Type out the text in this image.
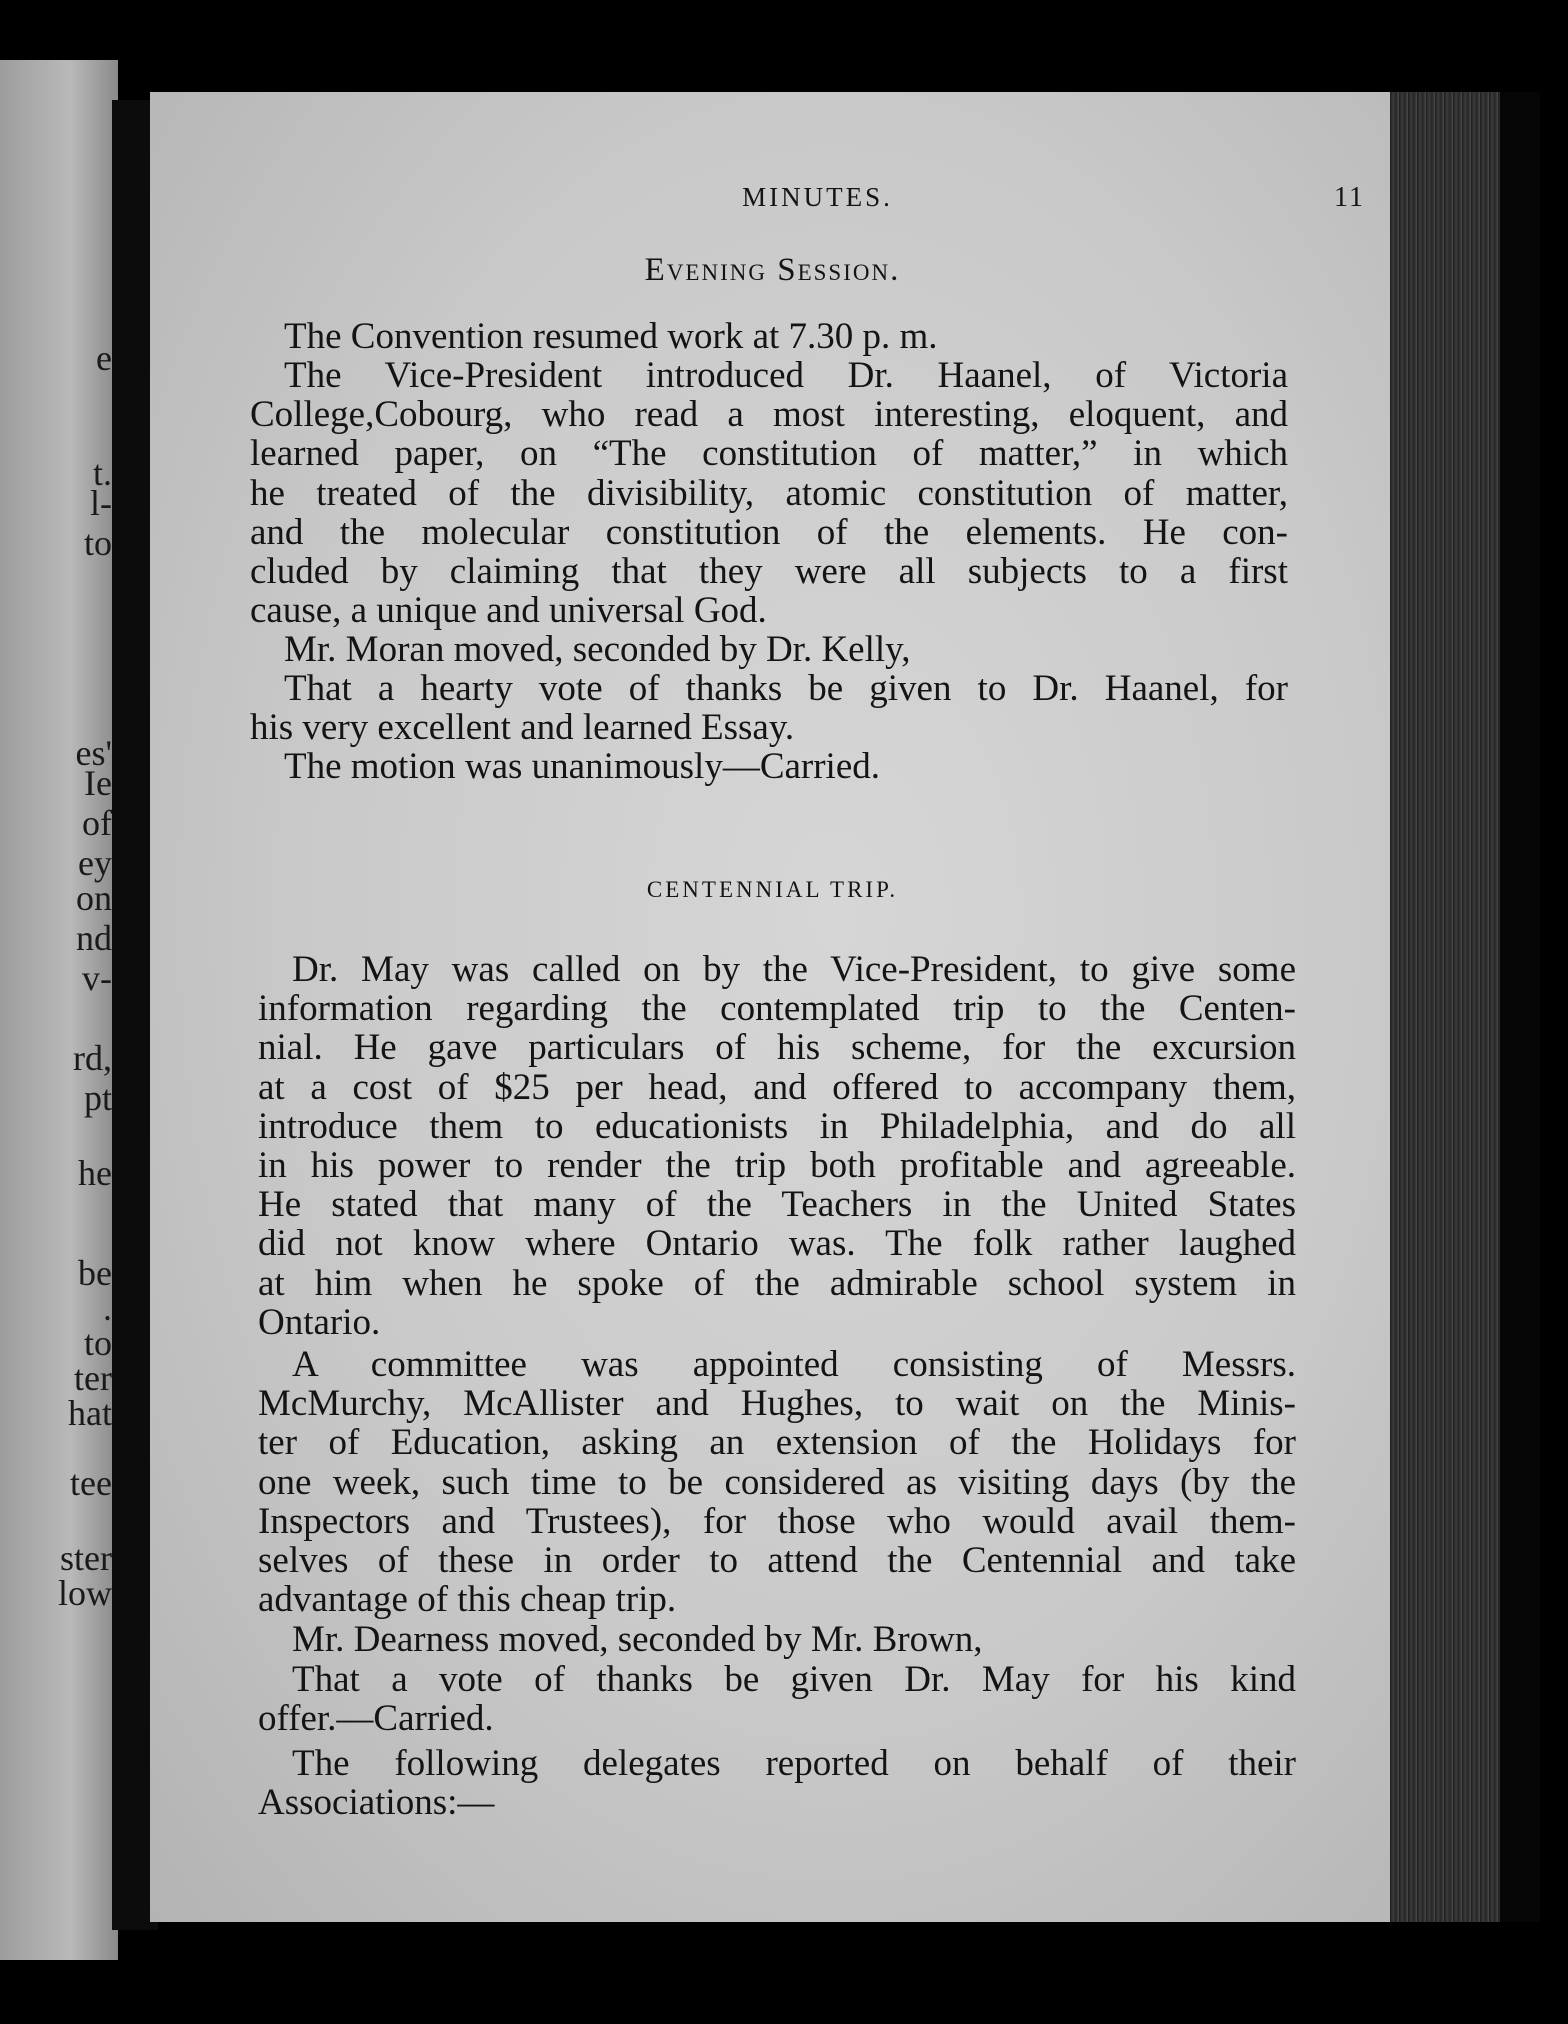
e
t.
l-
to
es'
Ie
of
ey
on
nd
v-
rd,
pt
he
be
.
to
ter
hat
tee
ster
low
MINUTES.	11
Evening Session.
The Convention resumed work at 7.30 p. m.
The Vice-President introduced Dr. Haanel, of Victoria
College,Cobourg, who read a most interesting, eloquent, and
learned paper, on “The constitution of matter,” in which
he treated of the divisibility, atomic constitution of matter,
and the molecular constitution of the elements. He con-
cluded by claiming that they were all subjects to a first
cause, a unique and universal God.
Mr. Moran moved, seconded by Dr. Kelly,
That a hearty vote of thanks be given to Dr. Haanel, for
his very excellent and learned Essay.
The motion was unanimously—Carried.
CENTENNIAL TRIP.
Dr. May was called on by the Vice-President, to give some
information regarding the contemplated trip to the Centen-
nial. He gave particulars of his scheme, for the excursion
at a cost of $25 per head, and offered to accompany them,
introduce them to educationists in Philadelphia, and do all
in his power to render the trip both profitable and agreeable.
He stated that many of the Teachers in the United States
did not know where Ontario was. The folk rather laughed
at him when he spoke of the admirable school system in
Ontario.
A committee was appointed consisting of Messrs.
McMurchy, McAllister and Hughes, to wait on the Minis-
ter of Education, asking an extension of the Holidays for
one week, such time to be considered as visiting days (by the
Inspectors and Trustees), for those who would avail them-
selves of these in order to attend the Centennial and take
advantage of this cheap trip.
Mr. Dearness moved, seconded by Mr. Brown,
That a vote of thanks be given Dr. May for his kind
offer.—Carried.
The following delegates reported on behalf of their
Associations:—
